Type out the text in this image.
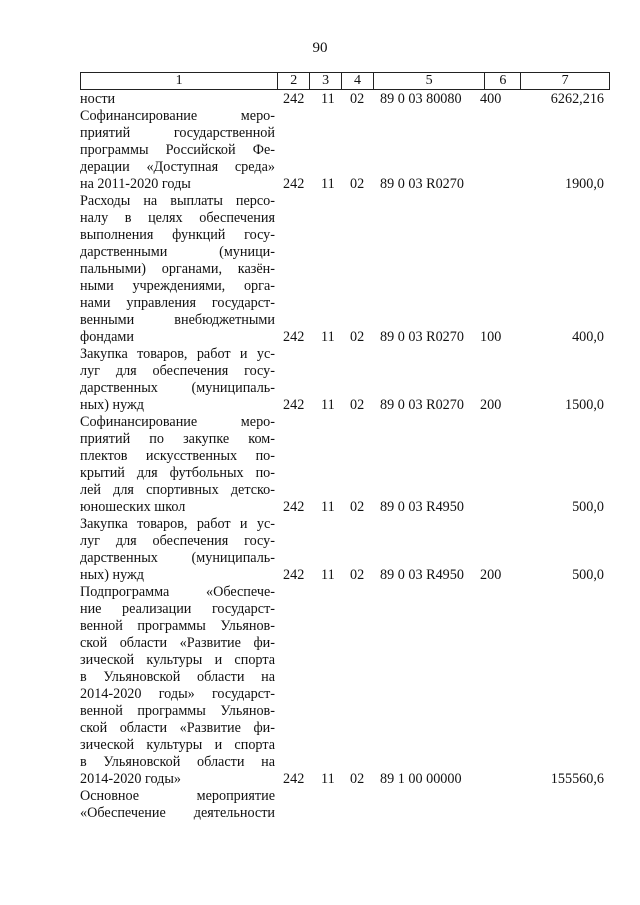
90
1	2	3	4	5	6	7
ности	242 11 02 89 0 03 80080 400	6262,216
Софинансирование меро-
приятий государственной
программы Российской Фе-
дерации «Доступная среда»
на 2011-2020 годы	242 11 02 89 0 03 R0270	1900,0
Расходы на выплаты персо-
налу в целях обеспечения
выполнения функций госу-
дарственными (муници-
пальными) органами, казён-
ными учреждениями, орга-
нами управления государст-
венными внебюджетными
фондами	242 11 02 89 0 03 R0270 100	400,0
Закупка товаров, работ и ус-
луг для обеспечения госу-
дарственных (муниципаль-
ных) нужд	242 11 02 89 0 03 R0270 200	1500,0
Софинансирование меро-
приятий по закупке ком-
плектов искусственных по-
крытий для футбольных по-
лей для спортивных детско-
юношеских школ	242 11 02 89 0 03 R4950	500,0
Закупка товаров, работ и ус-
луг для обеспечения госу-
дарственных (муниципаль-
ных) нужд	242 11 02 89 0 03 R4950 200	500,0
Подпрограмма «Обеспече-
ние реализации государст-
венной программы Ульянов-
ской области «Развитие фи-
зической культуры и спорта
в Ульяновской области на
2014-2020 годы» государст-
венной программы Ульянов-
ской области «Развитие фи-
зической культуры и спорта
в Ульяновской области на
2014-2020 годы»	242 11 02 89 1 00 00000	155560,6
Основное мероприятие
«Обеспечение деятельности
